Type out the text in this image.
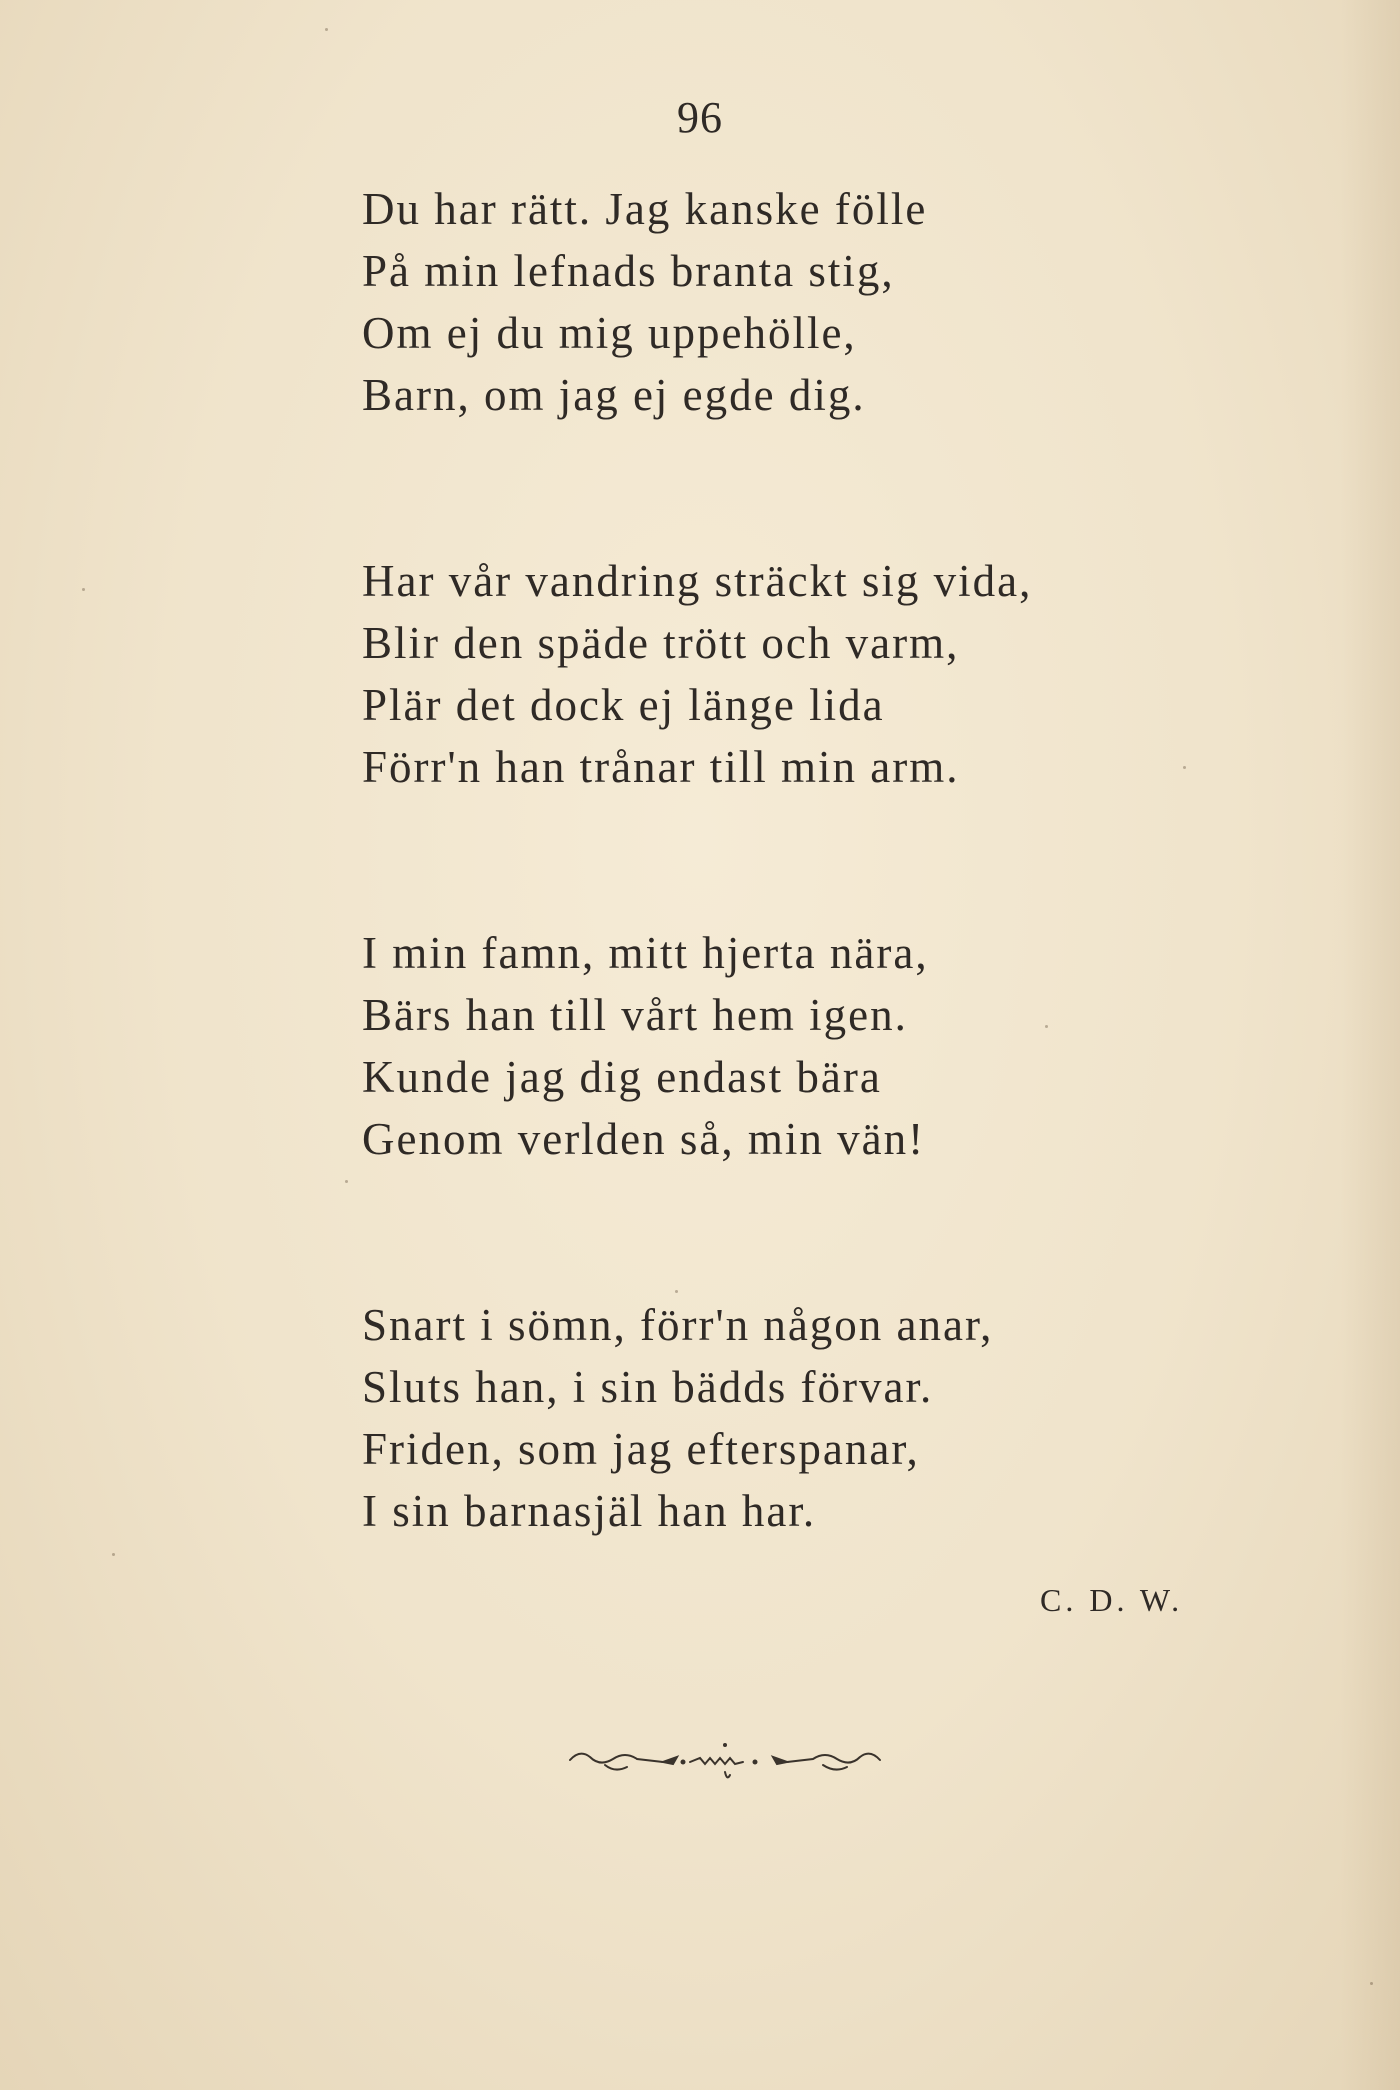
96
Du har rätt. Jag kanske fölle
På min lefnads branta stig,
Om ej du mig uppehölle,
Barn, om jag ej egde dig.
Har vår vandring sträckt sig vida,
Blir den späde trött och varm,
Plär det dock ej länge lida
Förr'n han trånar till min arm.
I min famn, mitt hjerta nära,
Bärs han till vårt hem igen.
Kunde jag dig endast bära
Genom verlden så, min vän!
Snart i sömn, förr'n någon anar,
Sluts han, i sin bädds förvar.
Friden, som jag efterspanar,
I sin barnasjäl han har.
C. D. W.
